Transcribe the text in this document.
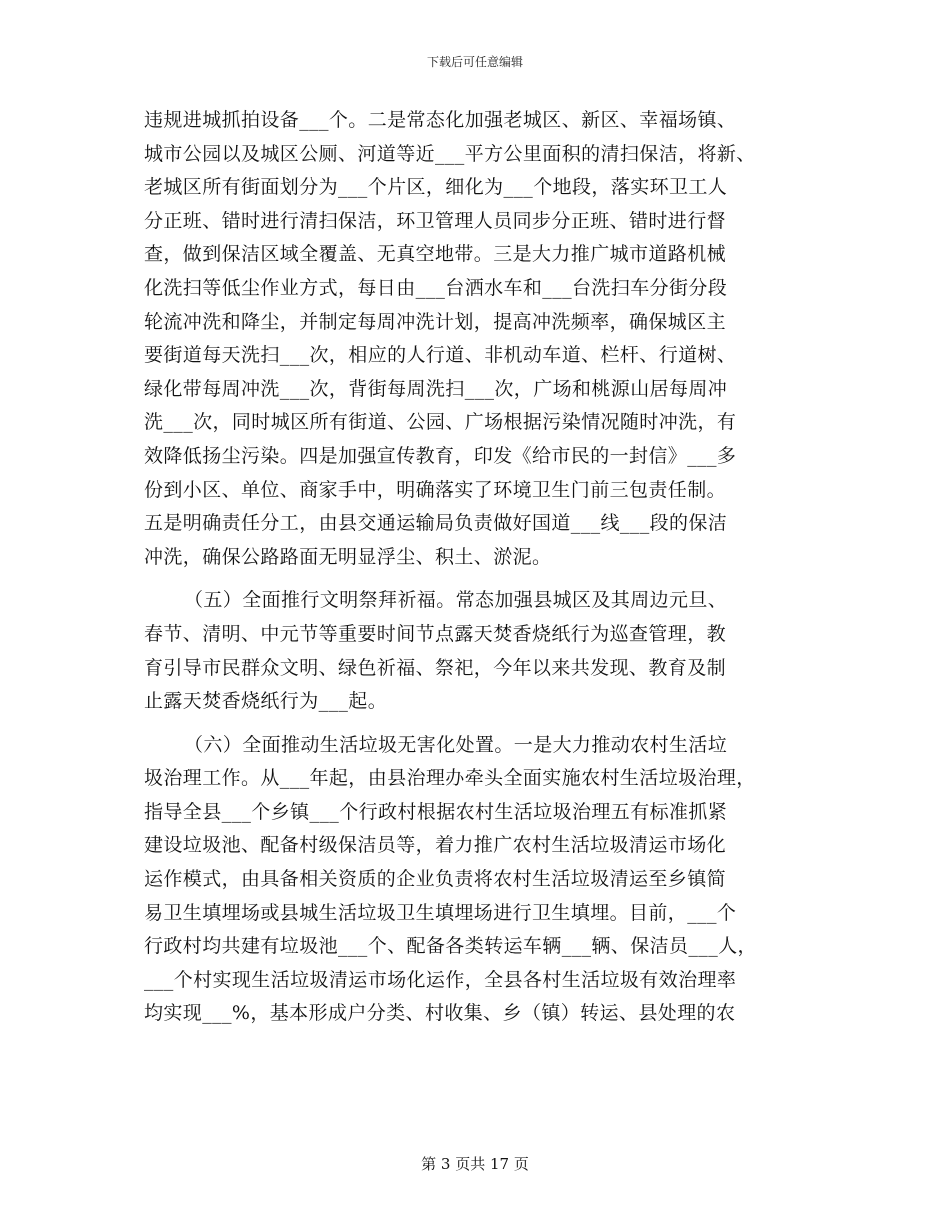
下载后可任意编辑
违规进城抓拍设备___个。二是常态化加强老城区、新区、幸福场镇、
城市公园以及城区公厕、河道等近___平方公里面积的清扫保洁，将新、
老城区所有街面划分为___个片区，细化为___个地段，落实环卫工人
分正班、错时进行清扫保洁，环卫管理人员同步分正班、错时进行督
查，做到保洁区域全覆盖、无真空地带。三是大力推广城市道路机械
化洗扫等低尘作业方式，每日由___台洒水车和___台洗扫车分街分段
轮流冲洗和降尘，并制定每周冲洗计划，提高冲洗频率，确保城区主
要街道每天洗扫___次，相应的人行道、非机动车道、栏杆、行道树、
绿化带每周冲洗___次，背街每周洗扫___次，广场和桃源山居每周冲
洗___次，同时城区所有街道、公园、广场根据污染情况随时冲洗，有
效降低扬尘污染。四是加强宣传教育，印发《给市民的一封信》___多
份到小区、单位、商家手中，明确落实了环境卫生门前三包责任制。
五是明确责任分工，由县交通运输局负责做好国道___线___段的保洁
冲洗，确保公路路面无明显浮尘、积土、淤泥。
（五）全面推行文明祭拜祈福。常态加强县城区及其周边元旦、
春节、清明、中元节等重要时间节点露天焚香烧纸行为巡查管理，教
育引导市民群众文明、绿色祈福、祭祀，今年以来共发现、教育及制
止露天焚香烧纸行为___起。
（六）全面推动生活垃圾无害化处置。一是大力推动农村生活垃
圾治理工作。从___年起，由县治理办牵头全面实施农村生活垃圾治理，
指导全县___个乡镇___个行政村根据农村生活垃圾治理五有标准抓紧
建设垃圾池、配备村级保洁员等，着力推广农村生活垃圾清运市场化
运作模式，由具备相关资质的企业负责将农村生活垃圾清运至乡镇简
易卫生填埋场或县城生活垃圾卫生填埋场进行卫生填埋。目前，___个
行政村均共建有垃圾池___个、配备各类转运车辆___辆、保洁员___人，
___个村实现生活垃圾清运市场化运作，全县各村生活垃圾有效治理率
均实现___%，基本形成户分类、村收集、乡（镇）转运、县处理的农
第 3 页共 17 页
